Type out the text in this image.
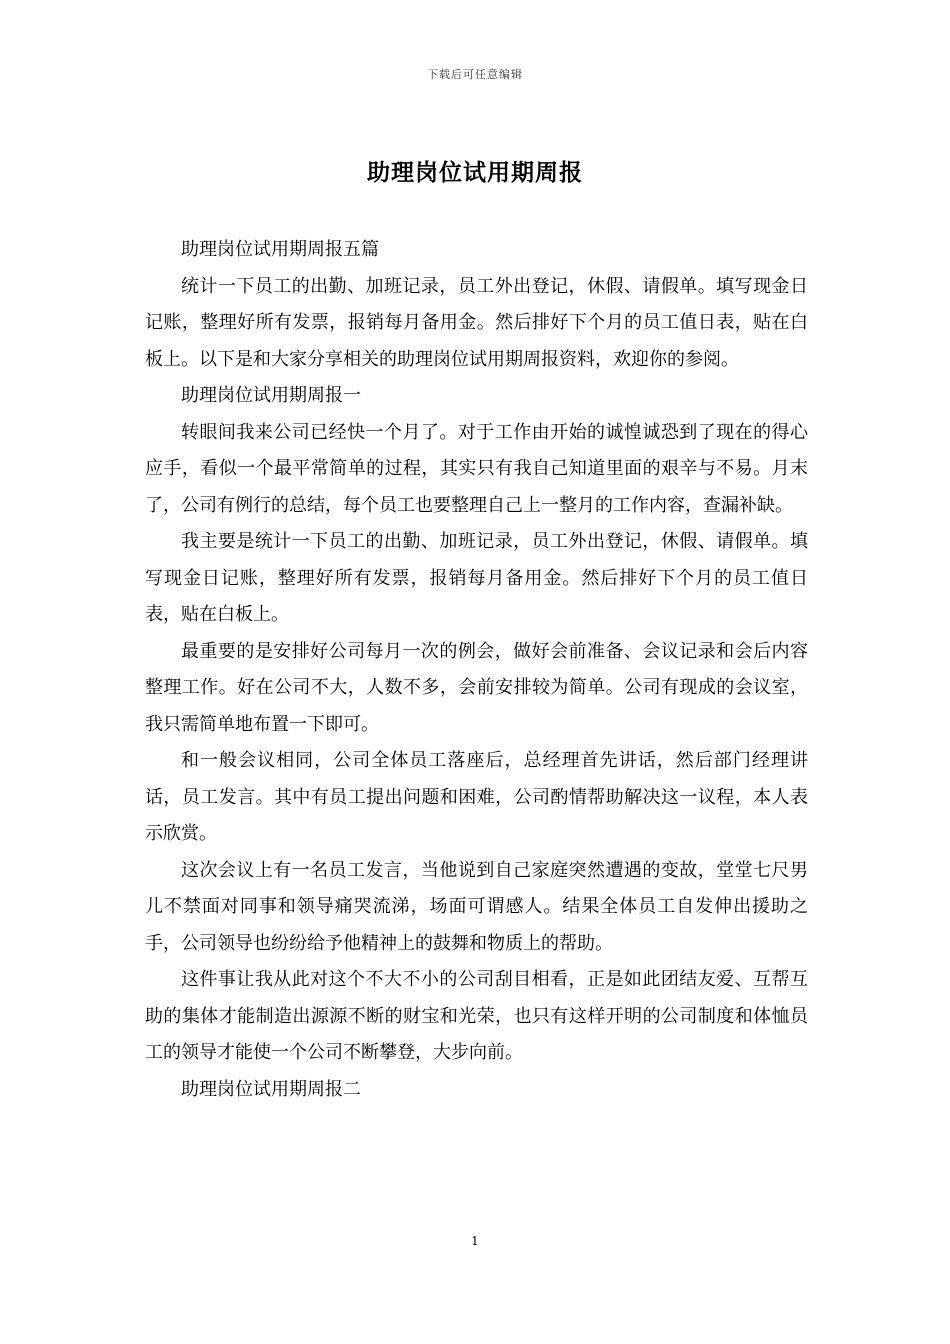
下载后可任意编辑
助理岗位试用期周报

助理岗位试用期周报五篇

统计一下员工的出勤、加班记录，员工外出登记，休假、请假单。填写现金日记账，整理好所有发票，报销每月备用金。然后排好下个月的员工值日表，贴在白板上。以下是和大家分享相关的助理岗位试用期周报资料，欢迎你的参阅。

助理岗位试用期周报一

转眼间我来公司已经快一个月了。对于工作由开始的诚惶诚恐到了现在的得心应手，看似一个最平常简单的过程，其实只有我自己知道里面的艰辛与不易。月末了，公司有例行的总结，每个员工也要整理自己上一整月的工作内容，查漏补缺。

我主要是统计一下员工的出勤、加班记录，员工外出登记，休假、请假单。填写现金日记账，整理好所有发票，报销每月备用金。然后排好下个月的员工值日表，贴在白板上。

最重要的是安排好公司每月一次的例会，做好会前准备、会议记录和会后内容整理工作。好在公司不大，人数不多，会前安排较为简单。公司有现成的会议室，我只需简单地布置一下即可。

和一般会议相同，公司全体员工落座后，总经理首先讲话，然后部门经理讲话，员工发言。其中有员工提出问题和困难，公司酌情帮助解决这一议程，本人表示欣赏。

这次会议上有一名员工发言，当他说到自己家庭突然遭遇的变故，堂堂七尺男儿不禁面对同事和领导痛哭流涕，场面可谓感人。结果全体员工自发伸出援助之手，公司领导也纷纷给予他精神上的鼓舞和物质上的帮助。

这件事让我从此对这个不大不小的公司刮目相看，正是如此团结友爱、互帮互助的集体才能制造出源源不断的财宝和光荣，也只有这样开明的公司制度和体恤员工的领导才能使一个公司不断攀登，大步向前。

助理岗位试用期周报二

1
